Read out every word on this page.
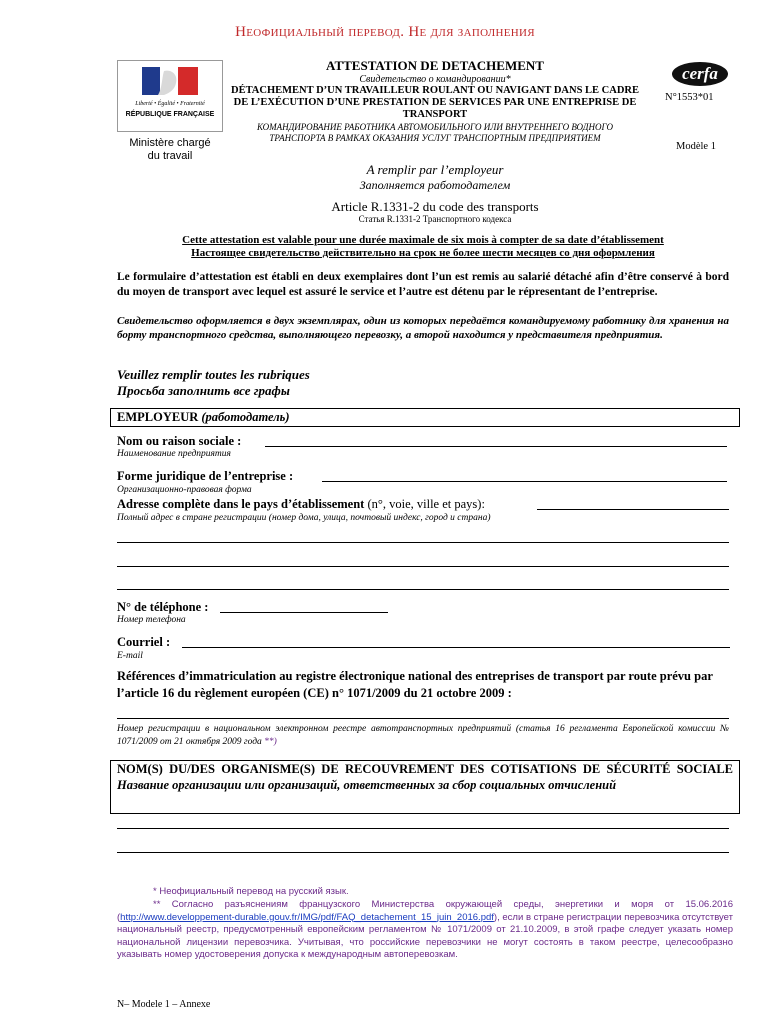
Неофициальный перевод. Не для заполнения
Liberté • Égalité • Fraternité
RÉPUBLIQUE FRANÇAISE
Ministère chargé
du travail
ATTESTATION DE DETACHEMENT
Свидетельство о командировании*
DÉTACHEMENT D’UN TRAVAILLEUR ROULANT OU NAVIGANT DANS LE CADRE DE L’EXÉCUTION D’UNE PRESTATION DE SERVICES PAR UNE ENTREPRISE DE TRANSPORT
КОМАНДИРОВАНИЕ РАБОТНИКА АВТОМОБИЛЬНОГО ИЛИ ВНУТРЕННЕГО ВОДНОГО ТРАНСПОРТА В РАМКАХ ОКАЗАНИЯ УСЛУГ ТРАНСПОРТНЫМ ПРЕДПРИЯТИЕМ
cerfa
N°1553*01
Modèle 1
A remplir par l’employeur
Заполняется работодателем
Article R.1331-2 du code des transports
Статья R.1331-2 Транспортного кодекса
Cette attestation est valable pour une durée maximale de six mois à compter de sa date d’établissement
Настоящее свидетельство действительно на срок не более шести месяцев со дня оформления
Le formulaire d’attestation est établi en deux exemplaires dont l’un est remis au salarié détaché afin d’être conservé à bord du moyen de transport avec lequel est assuré le service et l’autre est détenu par le répresentant de l’entreprise.
Свидетельство оформляется в двух экземплярах, один из которых передаётся командируемому работнику для хранения на борту транспортного средства, выполняющего перевозку, а второй находится у представителя предприятия.
Veuillez remplir toutes les rubriques
Просьба заполнить все графы
EMPLOYEUR (работодатель)
Nom ou raison sociale :
Наименование предприятия
Forme juridique de l’entreprise :
Организационно-правовая форма
Adresse complète dans le pays d’établissement (n°, voie, ville et pays):
Полный адрес в стране регистрации (номер дома, улица, почтовый индекс, город и страна)
N° de téléphone :
Номер телефона
Courriel :
E-mail
Références d’immatriculation au registre électronique national des entreprises de transport par route prévu par l’article 16 du règlement européen (CE) n° 1071/2009 du 21 octobre 2009 :
Номер регистрации в национальном электронном реестре автотранспортных предприятий (статья 16 регламента Европейской комиссии № 1071/2009 от 21 октября 2009 года **)
NOM(S) DU/DES ORGANISME(S) DE RECOUVREMENT DES COTISATIONS DE SÉCURITÉ SOCIALE Название организации или организаций, ответственных за сбор социальных отчислений
* Неофициальный перевод на русский язык.
** Согласно разъяснениям французского Министерства окружающей среды, энергетики и моря от 15.06.2016 (http://www.developpement-durable.gouv.fr/IMG/pdf/FAQ_detachement_15_juin_2016.pdf), если в стране регистрации перевозчика отсутствует национальный реестр, предусмотренный европейским регламентом № 1071/2009 от 21.10.2009, в этой графе следует указать номер национальной лицензии перевозчика. Учитывая, что российские перевозчики не могут состоять в таком реестре, целесообразно указывать номер удостоверения допуска к международным автоперевозкам.
N– Modele 1 – Annexe
